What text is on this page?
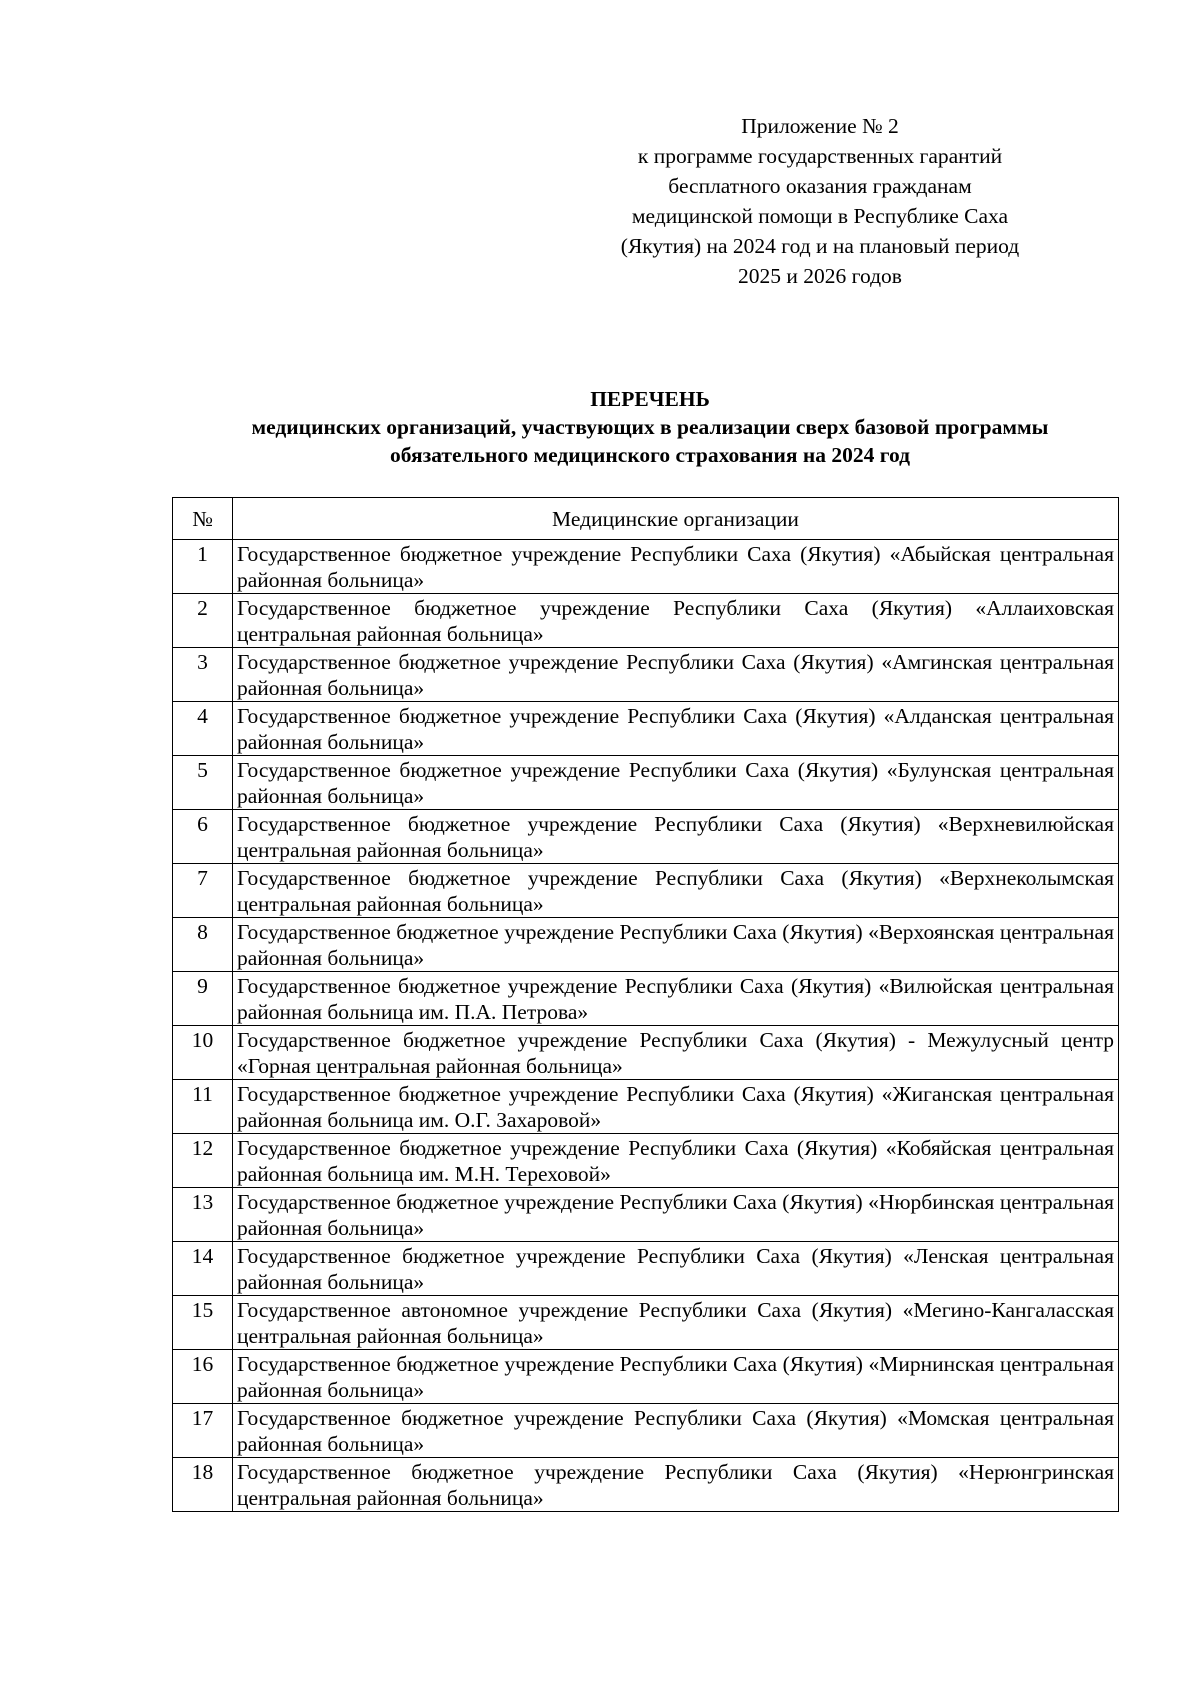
Приложение № 2
к программе государственных гарантий
бесплатного оказания гражданам
медицинской помощи в Республике Саха
(Якутия) на 2024 год и на плановый период
2025 и 2026 годов
ПЕРЕЧЕНЬ
медицинских организаций, участвующих в реализации сверх базовой программы
обязательного медицинского страхования на 2024 год
№	Медицинские организации
1	Государственное бюджетное учреждение Республики Саха (Якутия) «Абыйская центральная районная больница»
2	Государственное бюджетное учреждение Республики Саха (Якутия) «Аллаиховская центральная районная больница»
3	Государственное бюджетное учреждение Республики Саха (Якутия) «Амгинская центральная районная больница»
4	Государственное бюджетное учреждение Республики Саха (Якутия) «Алданская центральная районная больница»
5	Государственное бюджетное учреждение Республики Саха (Якутия) «Булунская центральная районная больница»
6	Государственное бюджетное учреждение Республики Саха (Якутия) «Верхневилюйская центральная районная больница»
7	Государственное бюджетное учреждение Республики Саха (Якутия) «Верхнеколымская центральная районная больница»
8	Государственное бюджетное учреждение Республики Саха (Якутия) «Верхоянская центральная районная больница»
9	Государственное бюджетное учреждение Республики Саха (Якутия) «Вилюйская центральная районная больница им. П.А. Петрова»
10	Государственное бюджетное учреждение Республики Саха (Якутия) - Межулусный центр «Горная центральная районная больница»
11	Государственное бюджетное учреждение Республики Саха (Якутия) «Жиганская центральная районная больница им. О.Г. Захаровой»
12	Государственное бюджетное учреждение Республики Саха (Якутия) «Кобяйская центральная районная больница им. М.Н. Тереховой»
13	Государственное бюджетное учреждение Республики Саха (Якутия) «Нюрбинская центральная районная больница»
14	Государственное бюджетное учреждение Республики Саха (Якутия) «Ленская центральная районная больница»
15	Государственное автономное учреждение Республики Саха (Якутия) «Мегино-Кангаласская центральная районная больница»
16	Государственное бюджетное учреждение Республики Саха (Якутия) «Мирнинская центральная районная больница»
17	Государственное бюджетное учреждение Республики Саха (Якутия) «Момская центральная районная больница»
18	Государственное бюджетное учреждение Республики Саха (Якутия) «Нерюнгринская центральная районная больница»
